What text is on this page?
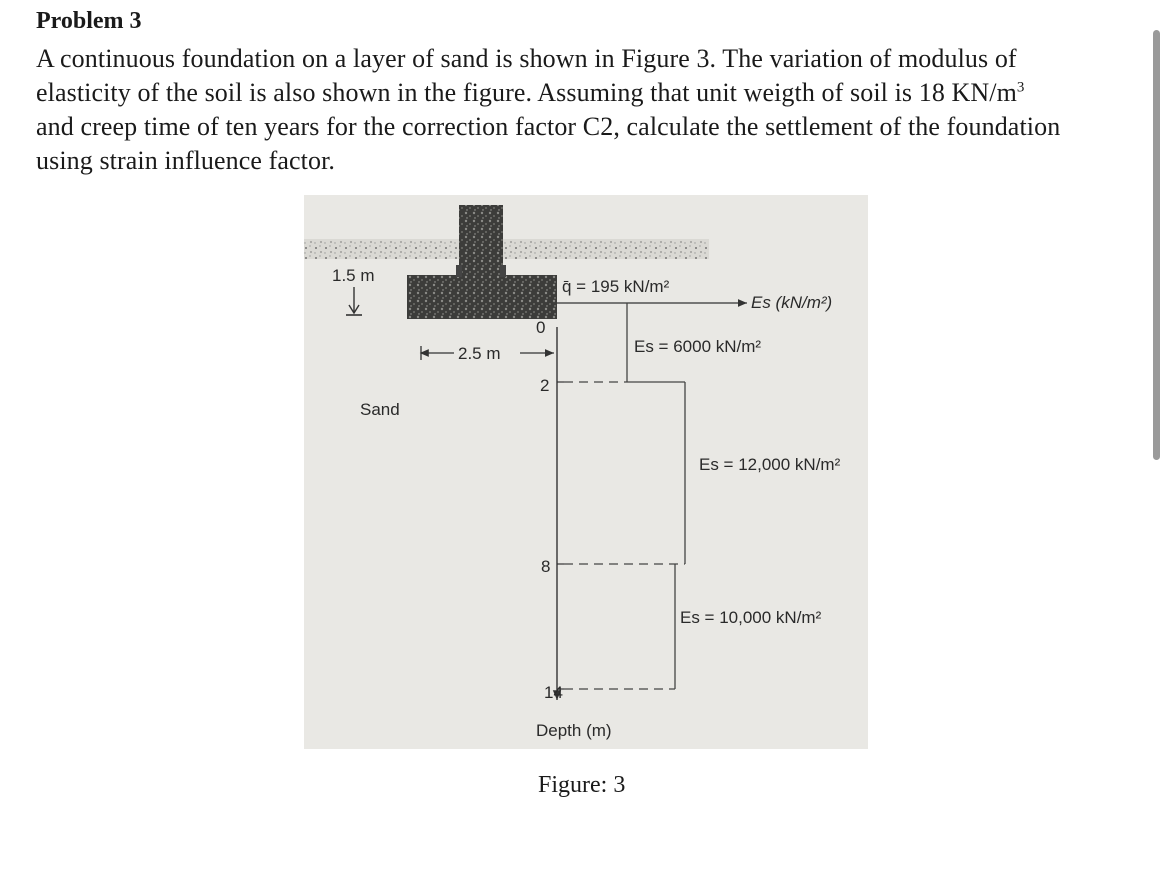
Problem 3
A continuous foundation on a layer of sand is shown in Figure 3. The variation of modulus of
elasticity of the soil is also shown in the figure. Assuming that unit weigth of soil is 18 $KN/m^3$
and creep time of ten years for the correction factor C2, calculate the settlement of the foundation
using strain influence factor.
1.5 m
Sand
2.5 m
q̄ = 195 kN/m²
Es (kN/m²)
0
2
8
14
Es = 6000 kN/m²
Es = 12,000 kN/m²
Es = 10,000 kN/m²
Depth (m)
Figure: 3
